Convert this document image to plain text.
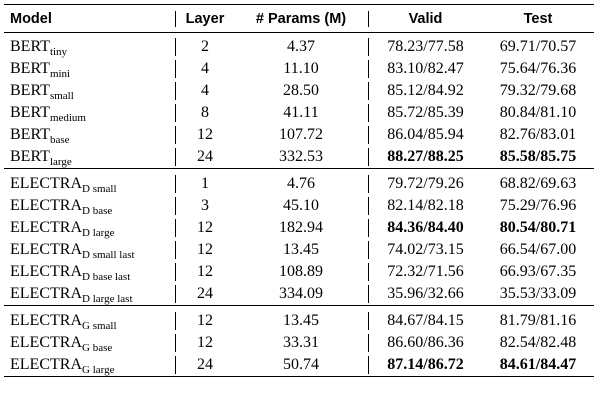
Model	Layer	# Params (M)	Valid	Test
$BERT_{tiny}$	2	4.37	78.23/77.58	69.71/70.57
$BERT_{mini}$	4	11.10	83.10/82.47	75.64/76.36
$BERT_{small}$	4	28.50	85.12/84.92	79.32/79.68
$BERT_{medium}$	8	41.11	85.72/85.39	80.84/81.10
$BERT_{base}$	12	107.72	86.04/85.94	82.76/83.01
$BERT_{large}$	24	332.53	88.27/88.25	85.58/85.75
$ELECTRA_{D small}$	1	4.76	79.72/79.26	68.82/69.63
$ELECTRA_{D base}$	3	45.10	82.14/82.18	75.29/76.96
$ELECTRA_{D large}$	12	182.94	84.36/84.40	80.54/80.71
$ELECTRA_{D small last}$	12	13.45	74.02/73.15	66.54/67.00
$ELECTRA_{D base last}$	12	108.89	72.32/71.56	66.93/67.35
$ELECTRA_{D large last}$	24	334.09	35.96/32.66	35.53/33.09
$ELECTRA_{G small}$	12	13.45	84.67/84.15	81.79/81.16
$ELECTRA_{G base}$	12	33.31	86.60/86.36	82.54/82.48
$ELECTRA_{G large}$	24	50.74	87.14/86.72	84.61/84.47
